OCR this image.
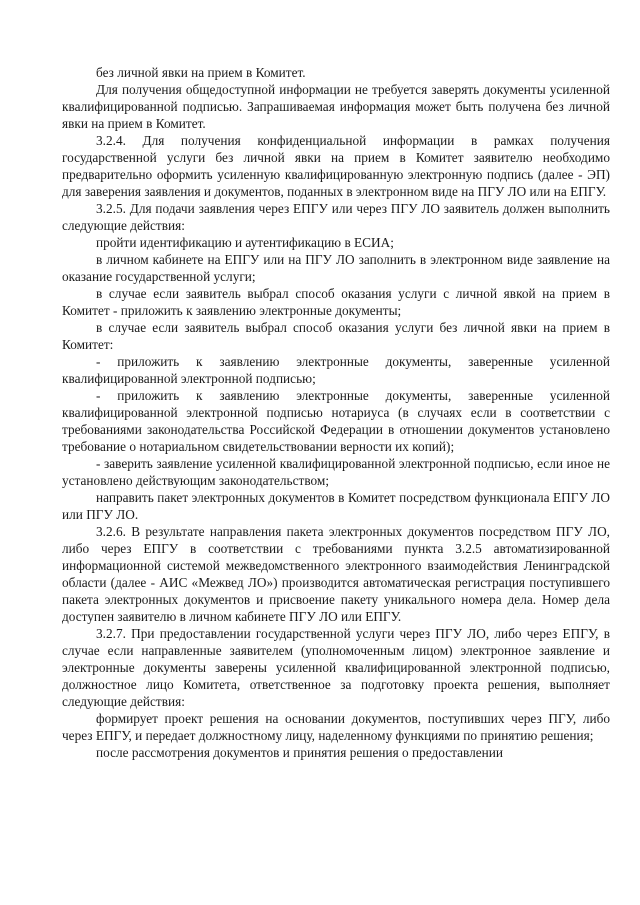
без личной явки на прием в Комитет.

Для получения общедоступной информации не требуется заверять документы усиленной квалифицированной подписью. Запрашиваемая информация может быть получена без личной явки на прием в Комитет.

3.2.4. Для получения конфиденциальной информации в рамках получения государственной услуги без личной явки на прием в Комитет заявителю необходимо предварительно оформить усиленную квалифицированную электронную подпись (далее - ЭП) для заверения заявления и документов, поданных в электронном виде на ПГУ ЛО или на ЕПГУ.

3.2.5. Для подачи заявления через ЕПГУ или через ПГУ ЛО заявитель должен выполнить следующие действия:

пройти идентификацию и аутентификацию в ЕСИА;

в личном кабинете на ЕПГУ или на ПГУ ЛО заполнить в электронном виде заявление на оказание государственной услуги;

в случае если заявитель выбрал способ оказания услуги с личной явкой на прием в Комитет - приложить к заявлению электронные документы;

в случае если заявитель выбрал способ оказания услуги без личной явки на прием в Комитет:

- приложить к заявлению электронные документы, заверенные усиленной квалифицированной электронной подписью;

- приложить к заявлению электронные документы, заверенные усиленной квалифицированной электронной подписью нотариуса (в случаях если в соответствии с требованиями законодательства Российской Федерации в отношении документов установлено требование о нотариальном свидетельствовании верности их копий);

- заверить заявление усиленной квалифицированной электронной подписью, если иное не установлено действующим законодательством;

направить пакет электронных документов в Комитет посредством функционала ЕПГУ ЛО или ПГУ ЛО.

3.2.6. В результате направления пакета электронных документов посредством ПГУ ЛО, либо через ЕПГУ в соответствии с требованиями пункта 3.2.5 автоматизированной информационной системой межведомственного электронного взаимодействия Ленинградской области (далее - АИС «Межвед ЛО») производится автоматическая регистрация поступившего пакета электронных документов и присвоение пакету уникального номера дела. Номер дела доступен заявителю в личном кабинете ПГУ ЛО или ЕПГУ.

3.2.7. При предоставлении государственной услуги через ПГУ ЛО, либо через ЕПГУ, в случае если направленные заявителем (уполномоченным лицом) электронное заявление и электронные документы заверены усиленной квалифицированной электронной подписью, должностное лицо Комитета, ответственное за подготовку проекта решения, выполняет следующие действия:

формирует проект решения на основании документов, поступивших через ПГУ, либо через ЕПГУ, и передает должностному лицу, наделенному функциями по принятию решения;

после рассмотрения документов и принятия решения о предоставлении
